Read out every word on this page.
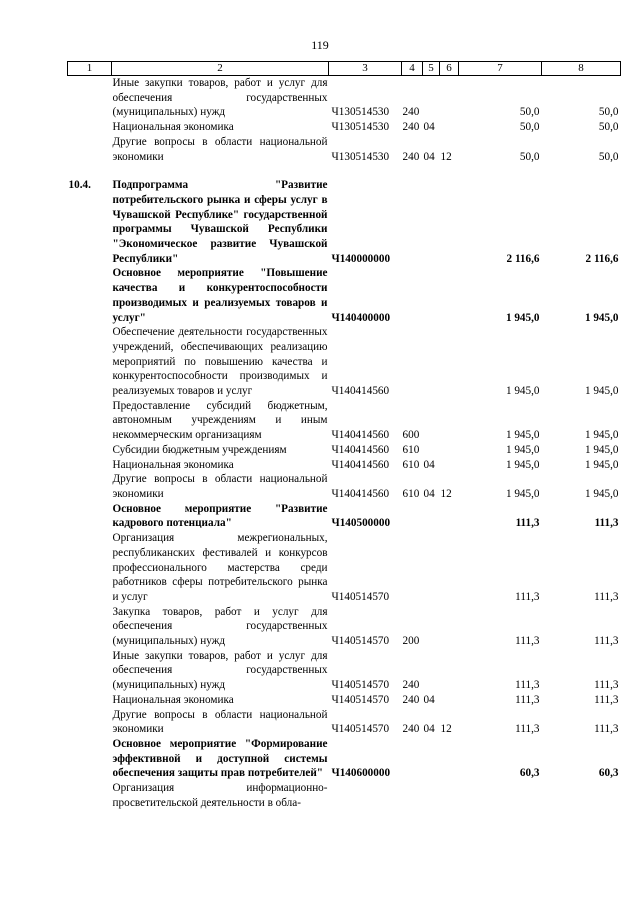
119
1	2	3	4	5	6	7	8
	Иные закупки товаров, работ и услуг для обеспечения государственных (муниципальных) нужд	Ч130514530	240			50,0	50,0
	Национальная экономика	Ч130514530	240	04		50,0	50,0
	Другие вопросы в области национальной экономики	Ч130514530	240	04	12	50,0	50,0

10.4.	Подпрограмма "Развитие потребительского рынка и сферы услуг в Чувашской Республике" государственной программы Чувашской Республики "Экономическое развитие Чувашской Республики"	Ч140000000				2 116,6	2 116,6
	Основное мероприятие "Повышение качества и конкурентоспособности производимых и реализуемых товаров и услуг"	Ч140400000				1 945,0	1 945,0
	Обеспечение деятельности государственных учреждений, обеспечивающих реализацию мероприятий по повышению качества и конкурентоспособности производимых и реализуемых товаров и услуг	Ч140414560				1 945,0	1 945,0
	Предоставление субсидий бюджетным, автономным учреждениям и иным некоммерческим организациям	Ч140414560	600			1 945,0	1 945,0
	Субсидии бюджетным учреждениям	Ч140414560	610			1 945,0	1 945,0
	Национальная экономика	Ч140414560	610	04		1 945,0	1 945,0
	Другие вопросы в области национальной экономики	Ч140414560	610	04	12	1 945,0	1 945,0
	Основное мероприятие "Развитие кадрового потенциала"	Ч140500000				111,3	111,3
	Организация межрегиональных, республиканских фестивалей и конкурсов профессионального мастерства среди работников сферы потребительского рынка и услуг	Ч140514570				111,3	111,3
	Закупка товаров, работ и услуг для обеспечения государственных (муниципальных) нужд	Ч140514570	200			111,3	111,3
	Иные закупки товаров, работ и услуг для обеспечения государственных (муниципальных) нужд	Ч140514570	240			111,3	111,3
	Национальная экономика	Ч140514570	240	04		111,3	111,3
	Другие вопросы в области национальной экономики	Ч140514570	240	04	12	111,3	111,3
	Основное мероприятие "Формирование эффективной и доступной системы обеспечения защиты прав потребителей"	Ч140600000				60,3	60,3
	Организация информационно-просветительской деятельности в обла-						
